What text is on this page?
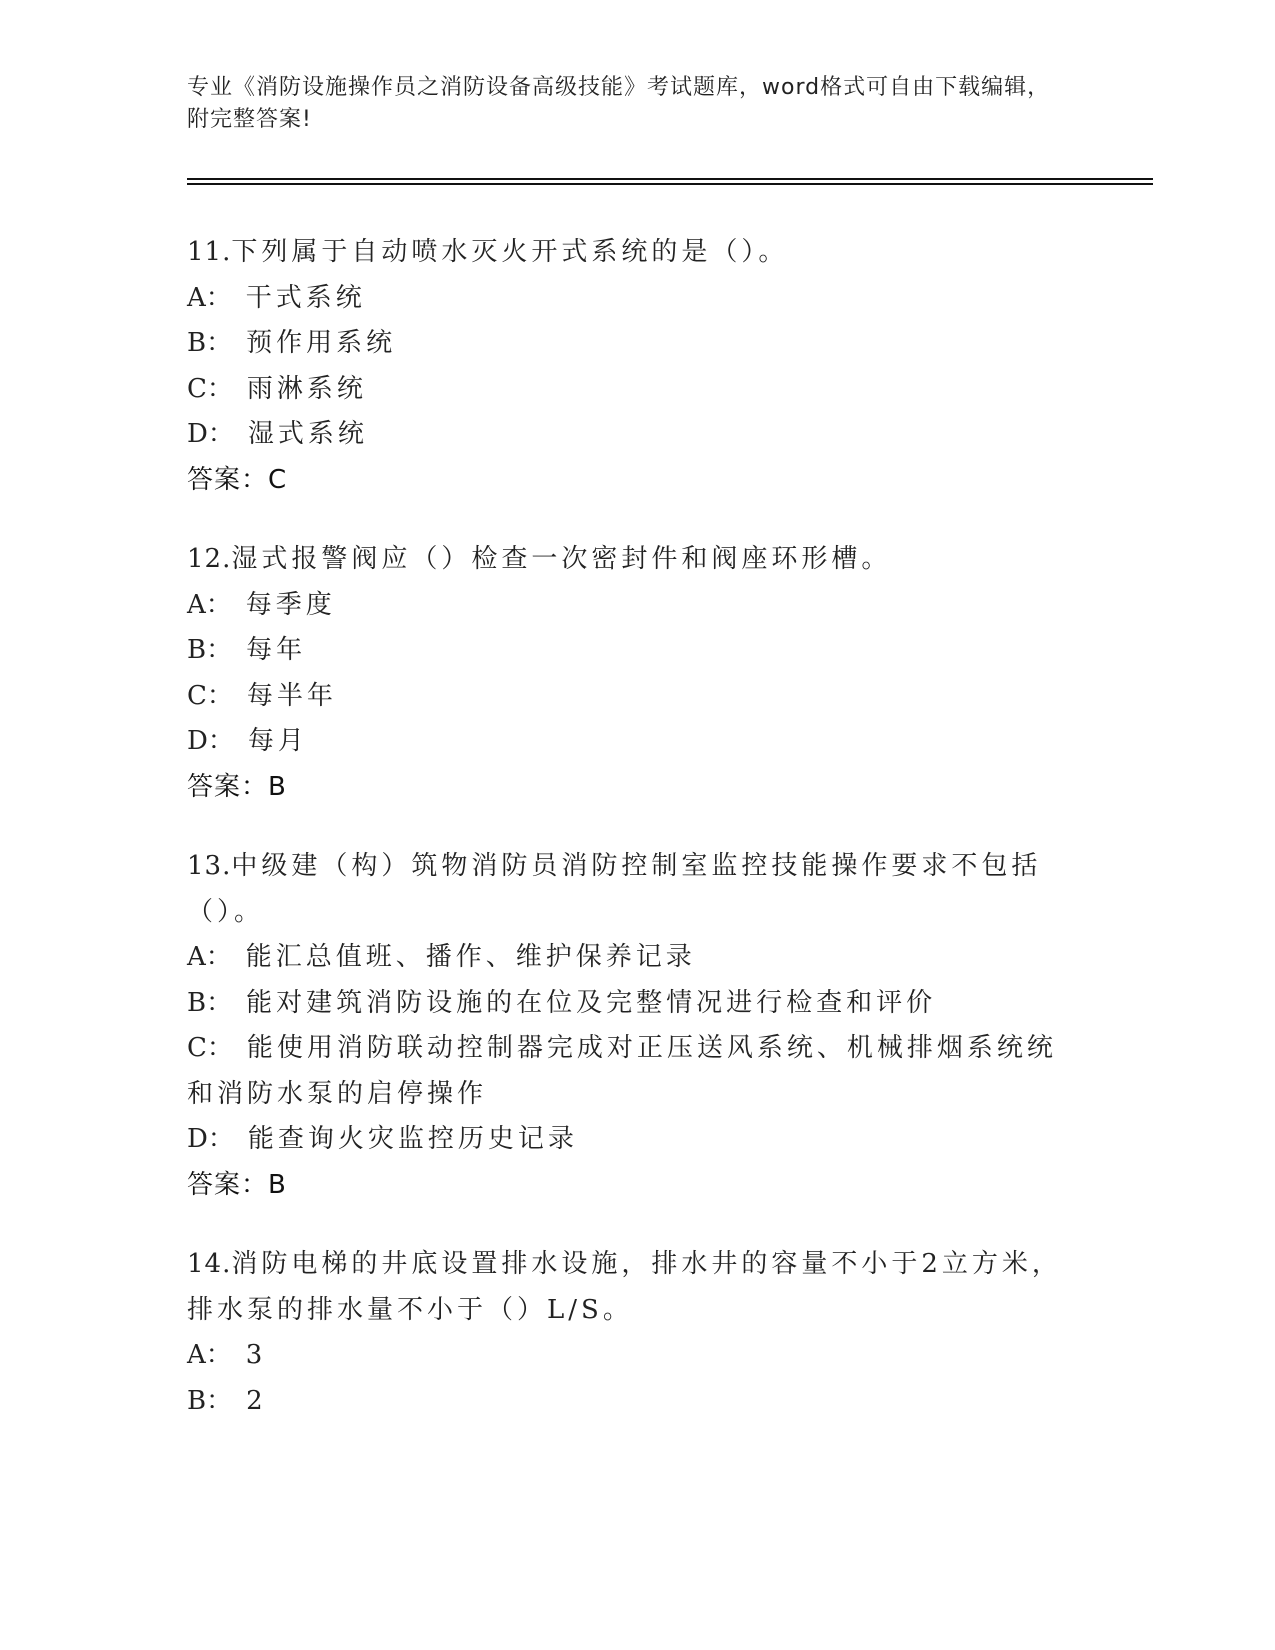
专业《消防设施操作员之消防设备高级技能》考试题库，word格式可自由下载编辑，附完整答案!

11.下列属于自动喷水灭火开式系统的是（）。

A： 干式系统

B： 预作用系统

C： 雨淋系统

D： 湿式系统

答案：C

12.湿式报警阀应（）检查一次密封件和阀座环形槽。

A： 每季度

B： 每年

C： 每半年

D： 每月

答案：B

13.中级建（构）筑物消防员消防控制室监控技能操作要求不包括（）。

A： 能汇总值班、播作、维护保养记录

B： 能对建筑消防设施的在位及完整情况进行检查和评价

C： 能使用消防联动控制器完成对正压送风系统、机械排烟系统统和消防水泵的启停操作

D： 能查询火灾监控历史记录

答案：B

14.消防电梯的井底设置排水设施，排水井的容量不小于2立方米，排水泵的排水量不小于（）L/S。

A： 3

B： 2
